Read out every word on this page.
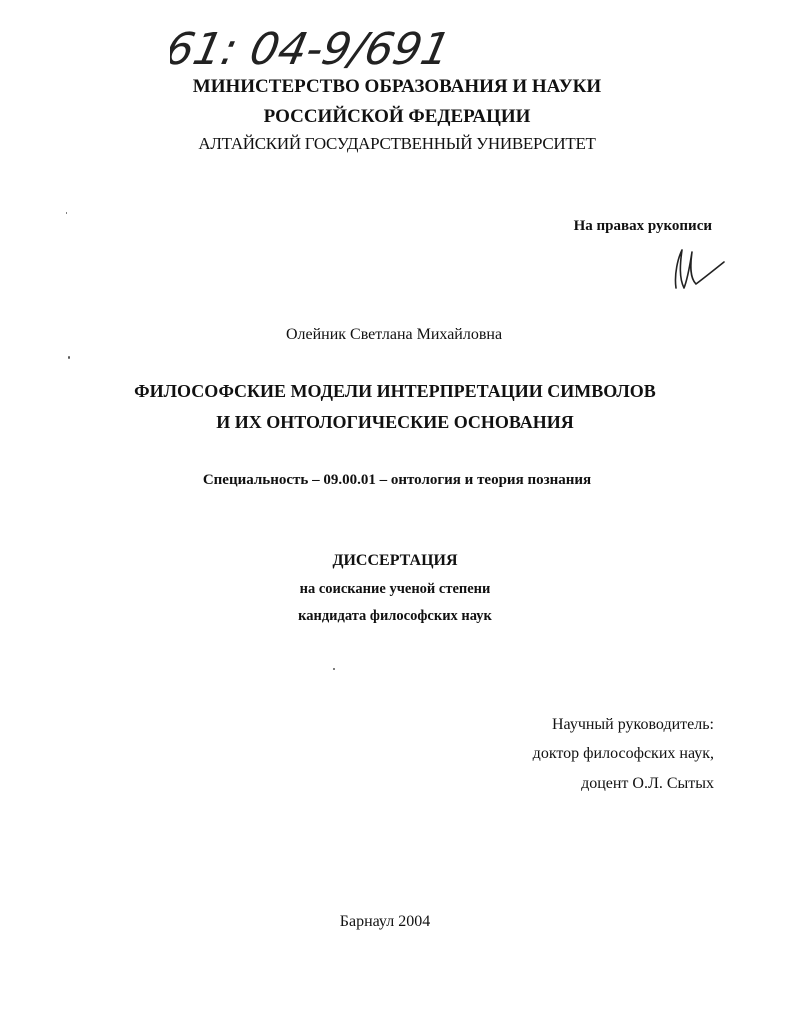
61: 04-9/691
МИНИСТЕРСТВО ОБРАЗОВАНИЯ И НАУКИ
РОССИЙСКОЙ ФЕДЕРАЦИИ
АЛТАЙСКИЙ ГОСУДАРСТВЕННЫЙ УНИВЕРСИТЕТ
На правах рукописи
Олейник Светлана Михайловна
ФИЛОСОФСКИЕ МОДЕЛИ ИНТЕРПРЕТАЦИИ СИМВОЛОВ
И ИХ ОНТОЛОГИЧЕСКИЕ ОСНОВАНИЯ
Специальность – 09.00.01 – онтология и теория познания
ДИССЕРТАЦИЯ
на соискание ученой степени
кандидата философских наук
Научный руководитель:
доктор философских наук,
доцент О.Л. Сытых
Барнаул 2004
